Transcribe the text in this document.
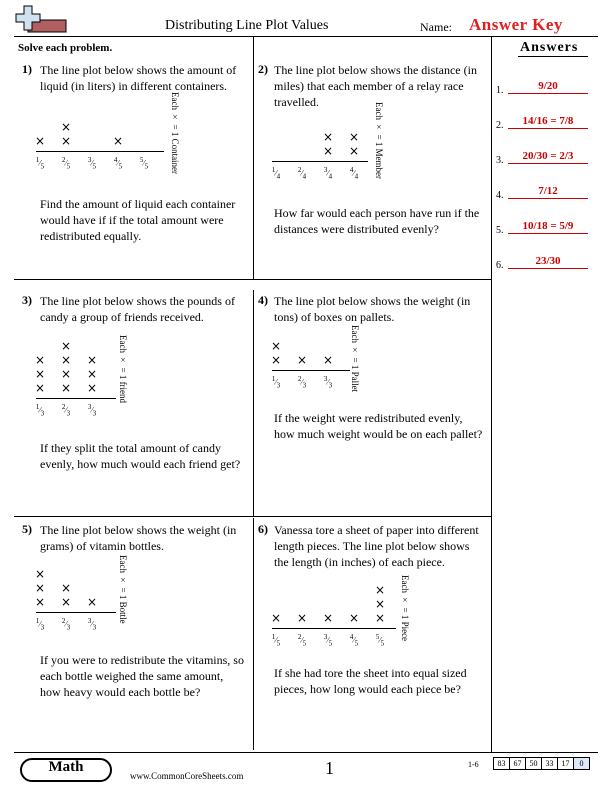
Distributing Line Plot Values	Name: Answer Key
Solve each problem.	Answers
1.	9/20
2.	14/16 = 7/8
3.	20/30 = 2/3
4.	7/12
5.	10/18 = 5/9
6.	23/30
1) The line plot below shows the amount of liquid (in liters) in different containers.
Find the amount of liquid each container would have if if the total amount were redistributed equally.
Each × = 1 Container
$^1⁄_5$
×
$^2⁄_5$
×
×
$^3⁄_5$
$^4⁄_5$
×
$^5⁄_5$
2) The line plot below shows the distance (in miles) that each member of a relay race travelled.
How far would each person have run if the distances were distributed evenly?
Each × = 1 Member
$^1⁄_4$
$^2⁄_4$
$^3⁄_4$
×
×
$^4⁄_4$
×
×
3) The line plot below shows the pounds of candy a group of friends received.
If they split the total amount of candy evenly, how much would each friend get?
Each × = 1 friend
$^1⁄_3$
×
×
×
$^2⁄_3$
×
×
×
×
$^3⁄_3$
×
×
×
4) The line plot below shows the weight (in tons) of boxes on pallets.
If the weight were redistributed evenly, how much weight would be on each pallet?
Each × = 1 Pallet
$^1⁄_3$
×
×
$^2⁄_3$
×
$^3⁄_3$
×
5) The line plot below shows the weight (in grams) of vitamin bottles.
If you were to redistribute the vitamins, so each bottle weighed the same amount, how heavy would each bottle be?
Each × = 1 Bottle
$^1⁄_3$
×
×
×
$^2⁄_3$
×
×
$^3⁄_3$
×
6) Vanessa tore a sheet of paper into different length pieces. The line plot below shows the length (in inches) of each piece.
If she had tore the sheet into equal sized pieces, how long would each piece be?
Each × = 1 Piece
$^1⁄_5$
×
$^2⁄_5$
×
$^3⁄_5$
×
$^4⁄_5$
×
$^5⁄_5$
×
×
×
Math
www.CommonCoreSheets.com	1	1-6 83	67	50	33	17	0
